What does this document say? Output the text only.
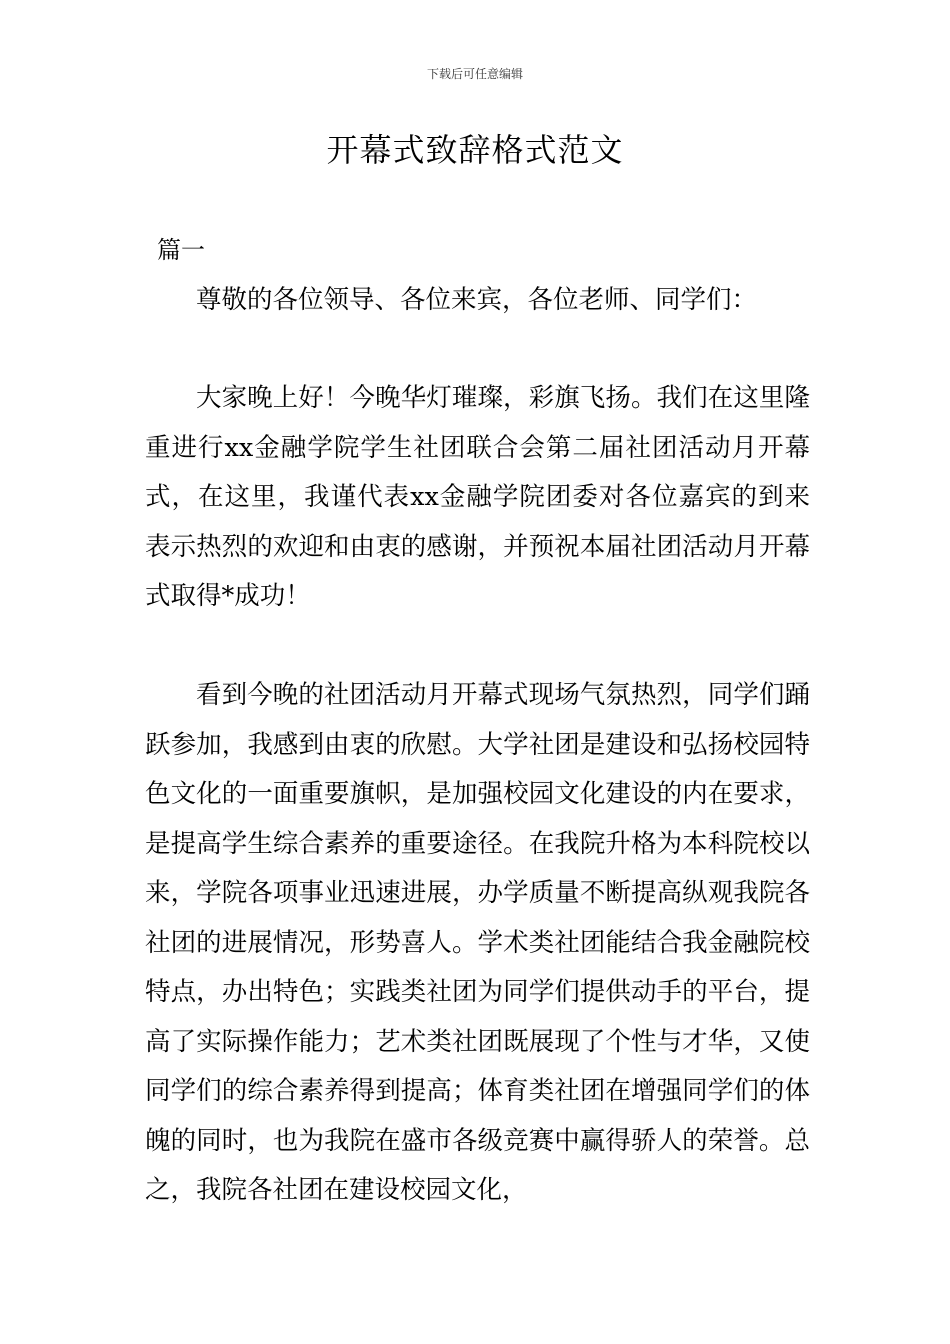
下载后可任意编辑
开幕式致辞格式范文
篇一

尊敬的各位领导、各位来宾，各位老师、同学们：

大家晚上好！今晚华灯璀璨，彩旗飞扬。我们在这里隆重进行xx金融学院学生社团联合会第二届社团活动月开幕式，在这里，我谨代表xx金融学院团委对各位嘉宾的到来表示热烈的欢迎和由衷的感谢，并预祝本届社团活动月开幕式取得*成功！

看到今晚的社团活动月开幕式现场气氛热烈，同学们踊跃参加，我感到由衷的欣慰。大学社团是建设和弘扬校园特色文化的一面重要旗帜，是加强校园文化建设的内在要求，是提高学生综合素养的重要途径。在我院升格为本科院校以来，学院各项事业迅速进展，办学质量不断提高纵观我院各社团的进展情况，形势喜人。学术类社团能结合我金融院校特点，办出特色；实践类社团为同学们提供动手的平台，提高了实际操作能力；艺术类社团既展现了个性与才华，又使同学们的综合素养得到提高；体育类社团在增强同学们的体魄的同时，也为我院在盛市各级竞赛中赢得骄人的荣誉。总之，我院各社团在建设校园文化，
